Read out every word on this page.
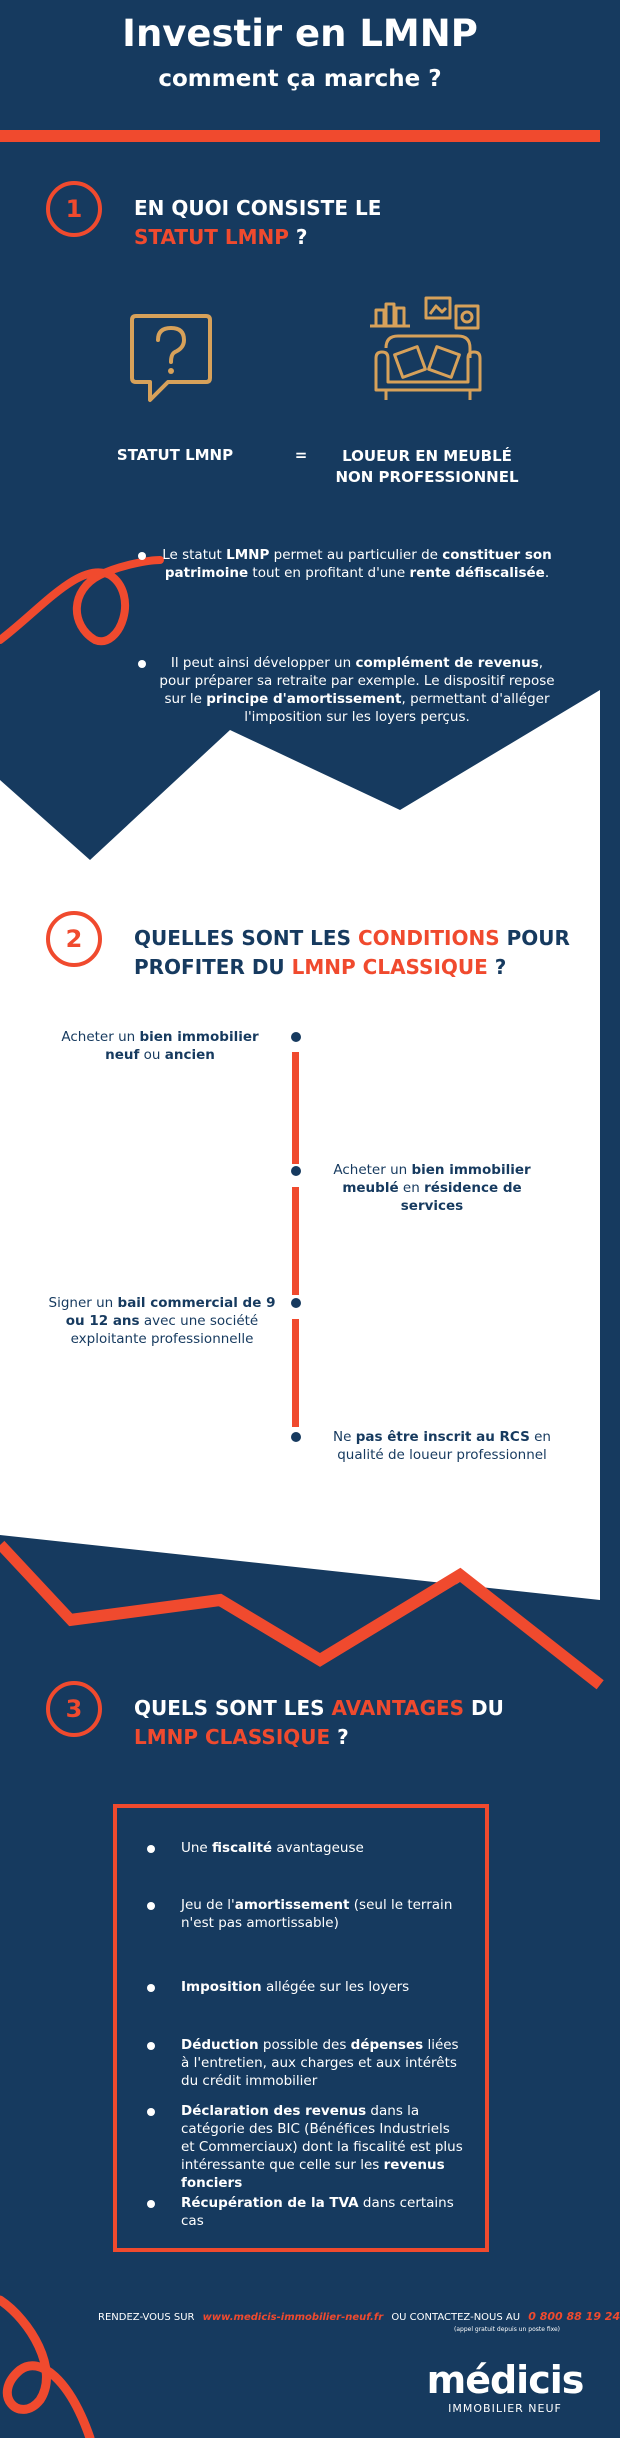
Investir en LMNP
comment ça marche ?
1	EN QUOI CONSISTE LE
STATUT LMNP ?
STATUT LMNP	=	LOUEUR EN MEUBLÉ
NON PROFESSIONNEL
Le statut LMNP permet au particulier de constituer son patrimoine tout en profitant d'une rente défiscalisée.
Il peut ainsi développer un complément de revenus, pour préparer sa retraite par exemple. Le dispositif repose sur le principe d'amortissement, permettant d'alléger l'imposition sur les loyers perçus.
2	QUELLES SONT LES CONDITIONS POUR
PROFITER DU LMNP CLASSIQUE ?
Acheter un bien immobilier neuf ou ancien
Acheter un bien immobilier meublé en résidence de services
Signer un bail commercial de 9 ou 12 ans avec une société exploitante professionnelle
Ne pas être inscrit au RCS en qualité de loueur professionnel
3	QUELS SONT LES AVANTAGES DU
LMNP CLASSIQUE ?
Une fiscalité avantageuse
Jeu de l'amortissement (seul le terrain n'est pas amortissable)
Imposition allégée sur les loyers
Déduction possible des dépenses liées à l'entretien, aux charges et aux intérêts du crédit immobilier
Déclaration des revenus dans la catégorie des BIC (Bénéfices Industriels et Commerciaux) dont la fiscalité est plus intéressante que celle sur les revenus fonciers
Récupération de la TVA dans certains cas
RENDEZ-VOUS SUR www.medicis-immobilier-neuf.fr OU CONTACTEZ-NOUS AU 0 800 88 19 24
(appel gratuit depuis un poste fixe)
médicis
IMMOBILIER NEUF
